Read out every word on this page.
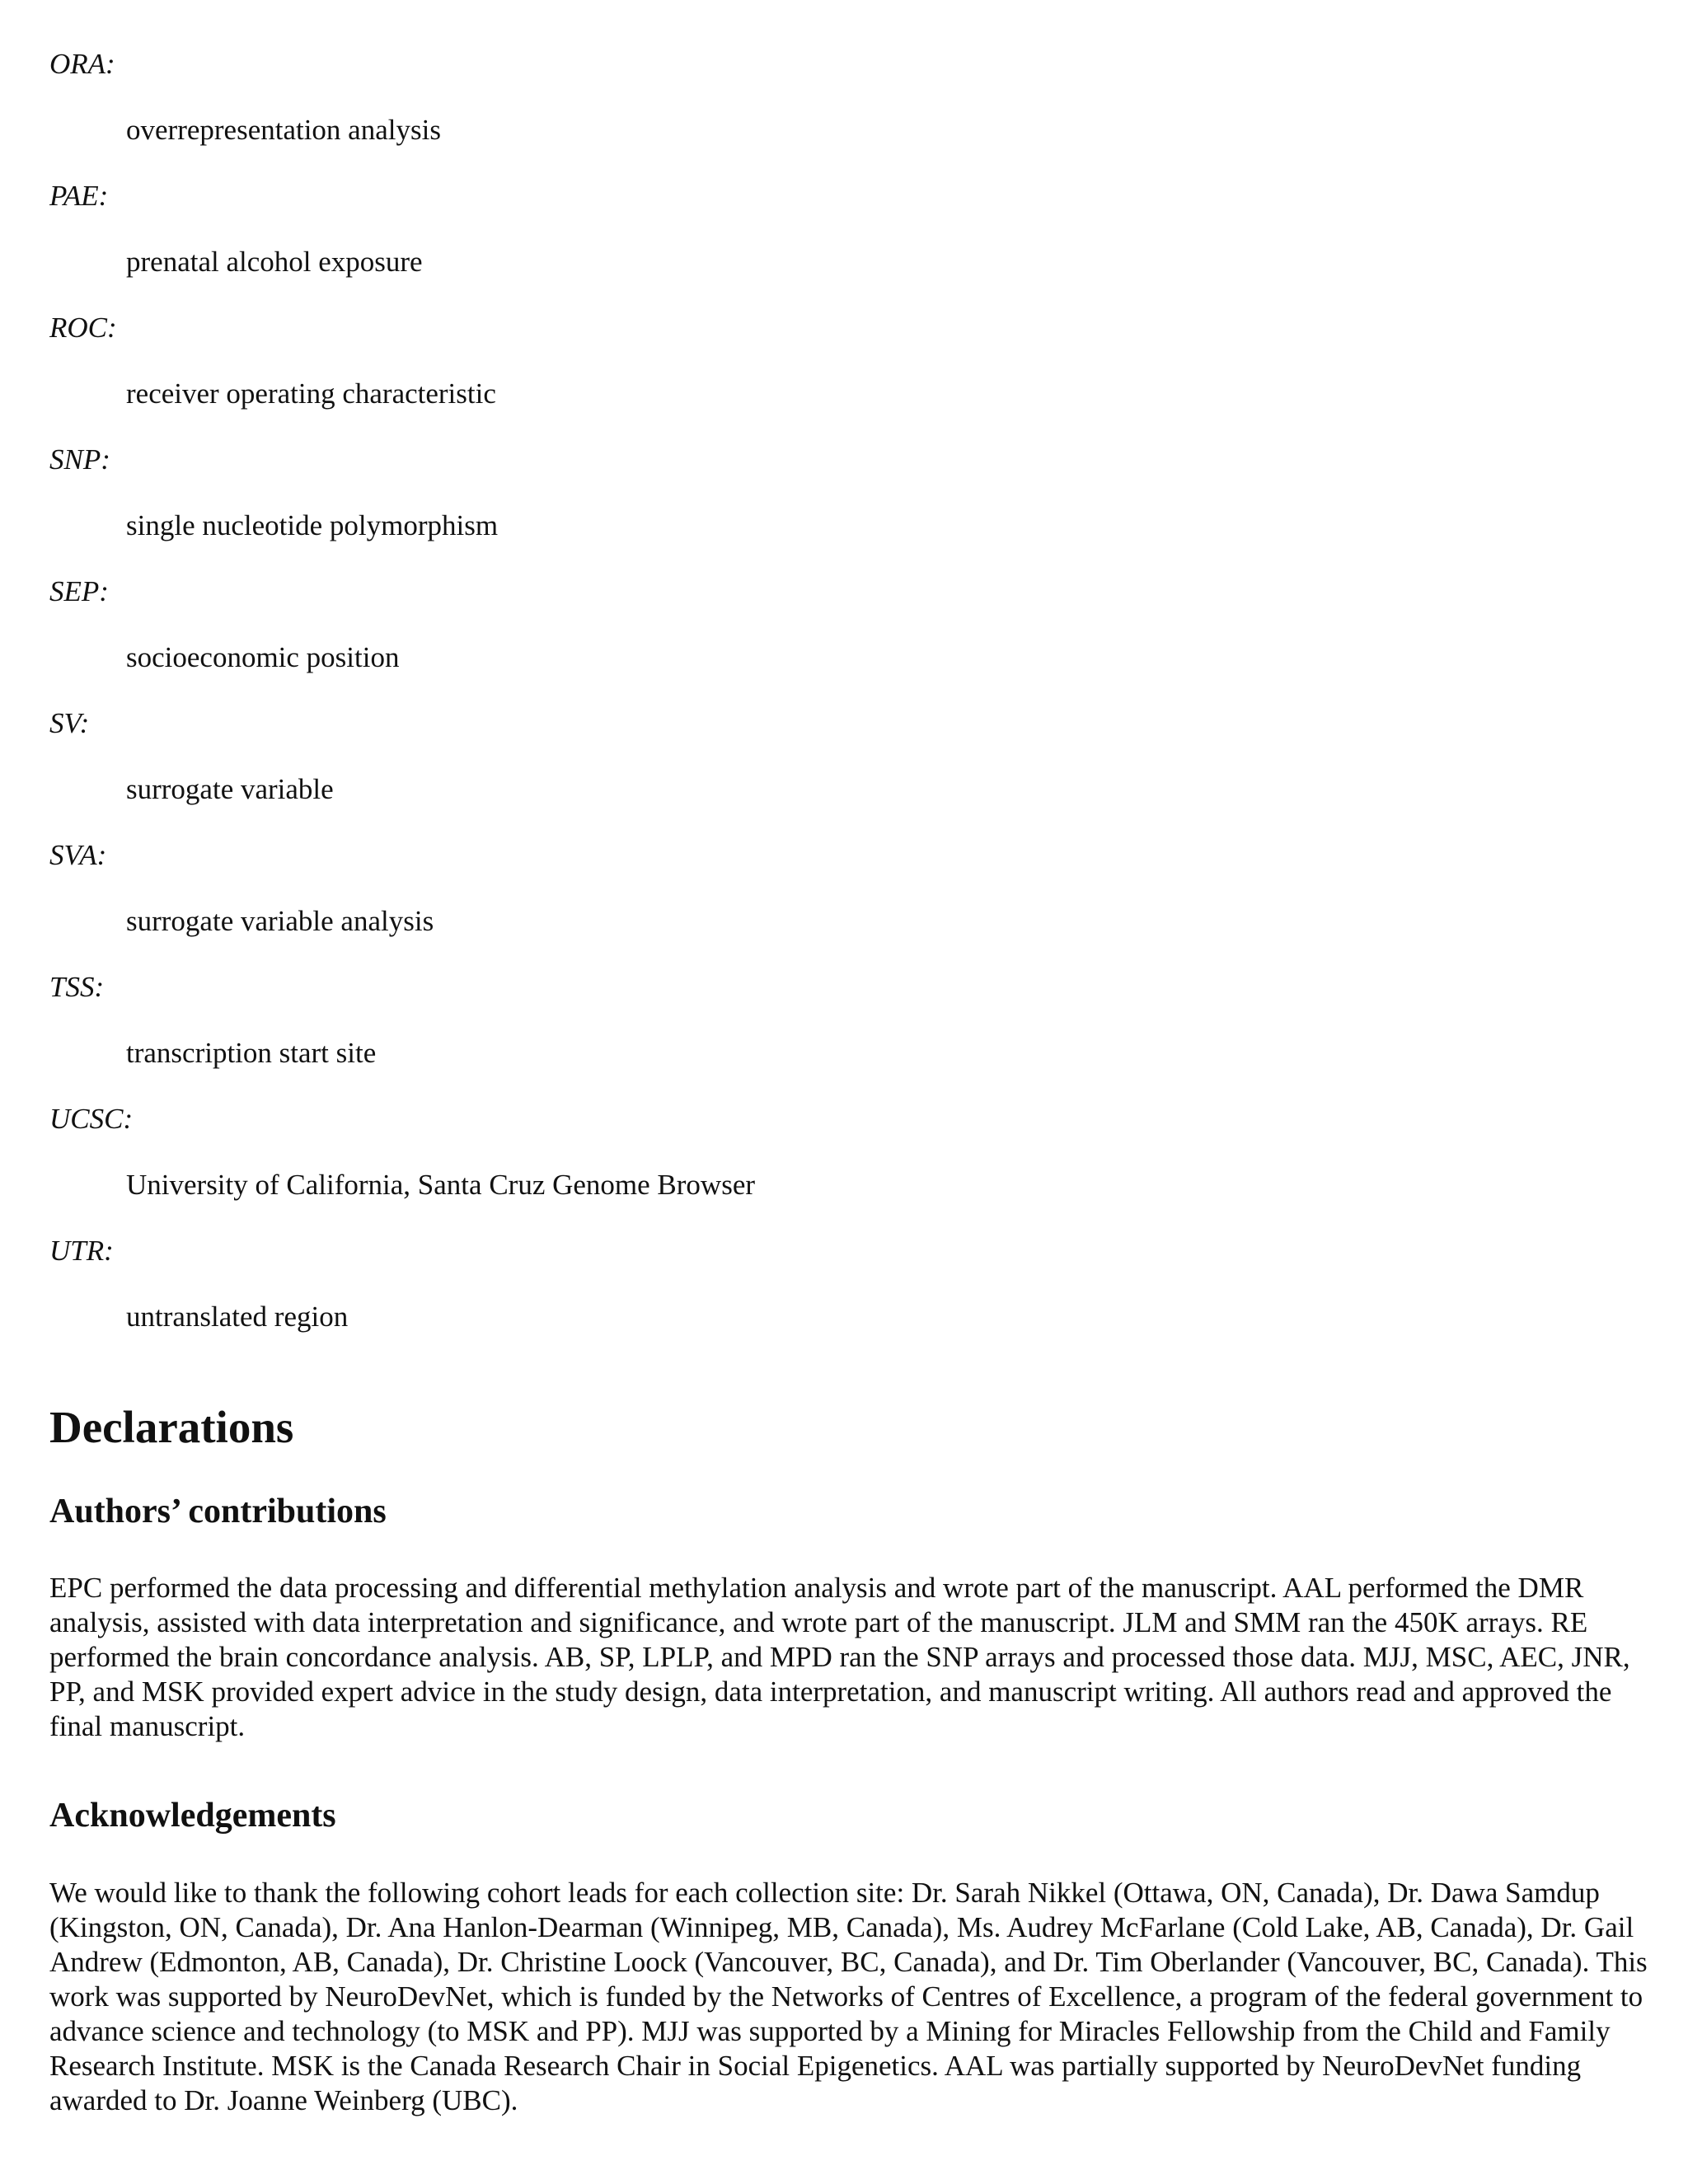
ORA:
overrepresentation analysis
PAE:
prenatal alcohol exposure
ROC:
receiver operating characteristic
SNP:
single nucleotide polymorphism
SEP:
socioeconomic position
SV:
surrogate variable
SVA:
surrogate variable analysis
TSS:
transcription start site
UCSC:
University of California, Santa Cruz Genome Browser
UTR:
untranslated region
Declarations
Authors’ contributions

EPC performed the data processing and differential methylation analysis and wrote part of the manuscript. AAL performed the DMR analysis, assisted with data interpretation and significance, and wrote part of the manuscript. JLM and SMM ran the 450K arrays. RE performed the brain concordance analysis. AB, SP, LPLP, and MPD ran the SNP arrays and processed those data. MJJ, MSC, AEC, JNR, PP, and MSK provided expert advice in the study design, data interpretation, and manuscript writing. All authors read and approved the final manuscript.

Acknowledgements

We would like to thank the following cohort leads for each collection site: Dr. Sarah Nikkel (Ottawa, ON, Canada), Dr. Dawa Samdup (Kingston, ON, Canada), Dr. Ana Hanlon-Dearman (Winnipeg, MB, Canada), Ms. Audrey McFarlane (Cold Lake, AB, Canada), Dr. Gail Andrew (Edmonton, AB, Canada), Dr. Christine Loock (Vancouver, BC, Canada), and Dr. Tim Oberlander (Vancouver, BC, Canada). This work was supported by NeuroDevNet, which is funded by the Networks of Centres of Excellence, a program of the federal government to advance science and technology (to MSK and PP). MJJ was supported by a Mining for Miracles Fellowship from the Child and Family Research Institute. MSK is the Canada Research Chair in Social Epigenetics. AAL was partially supported by NeuroDevNet funding awarded to Dr. Joanne Weinberg (UBC).
